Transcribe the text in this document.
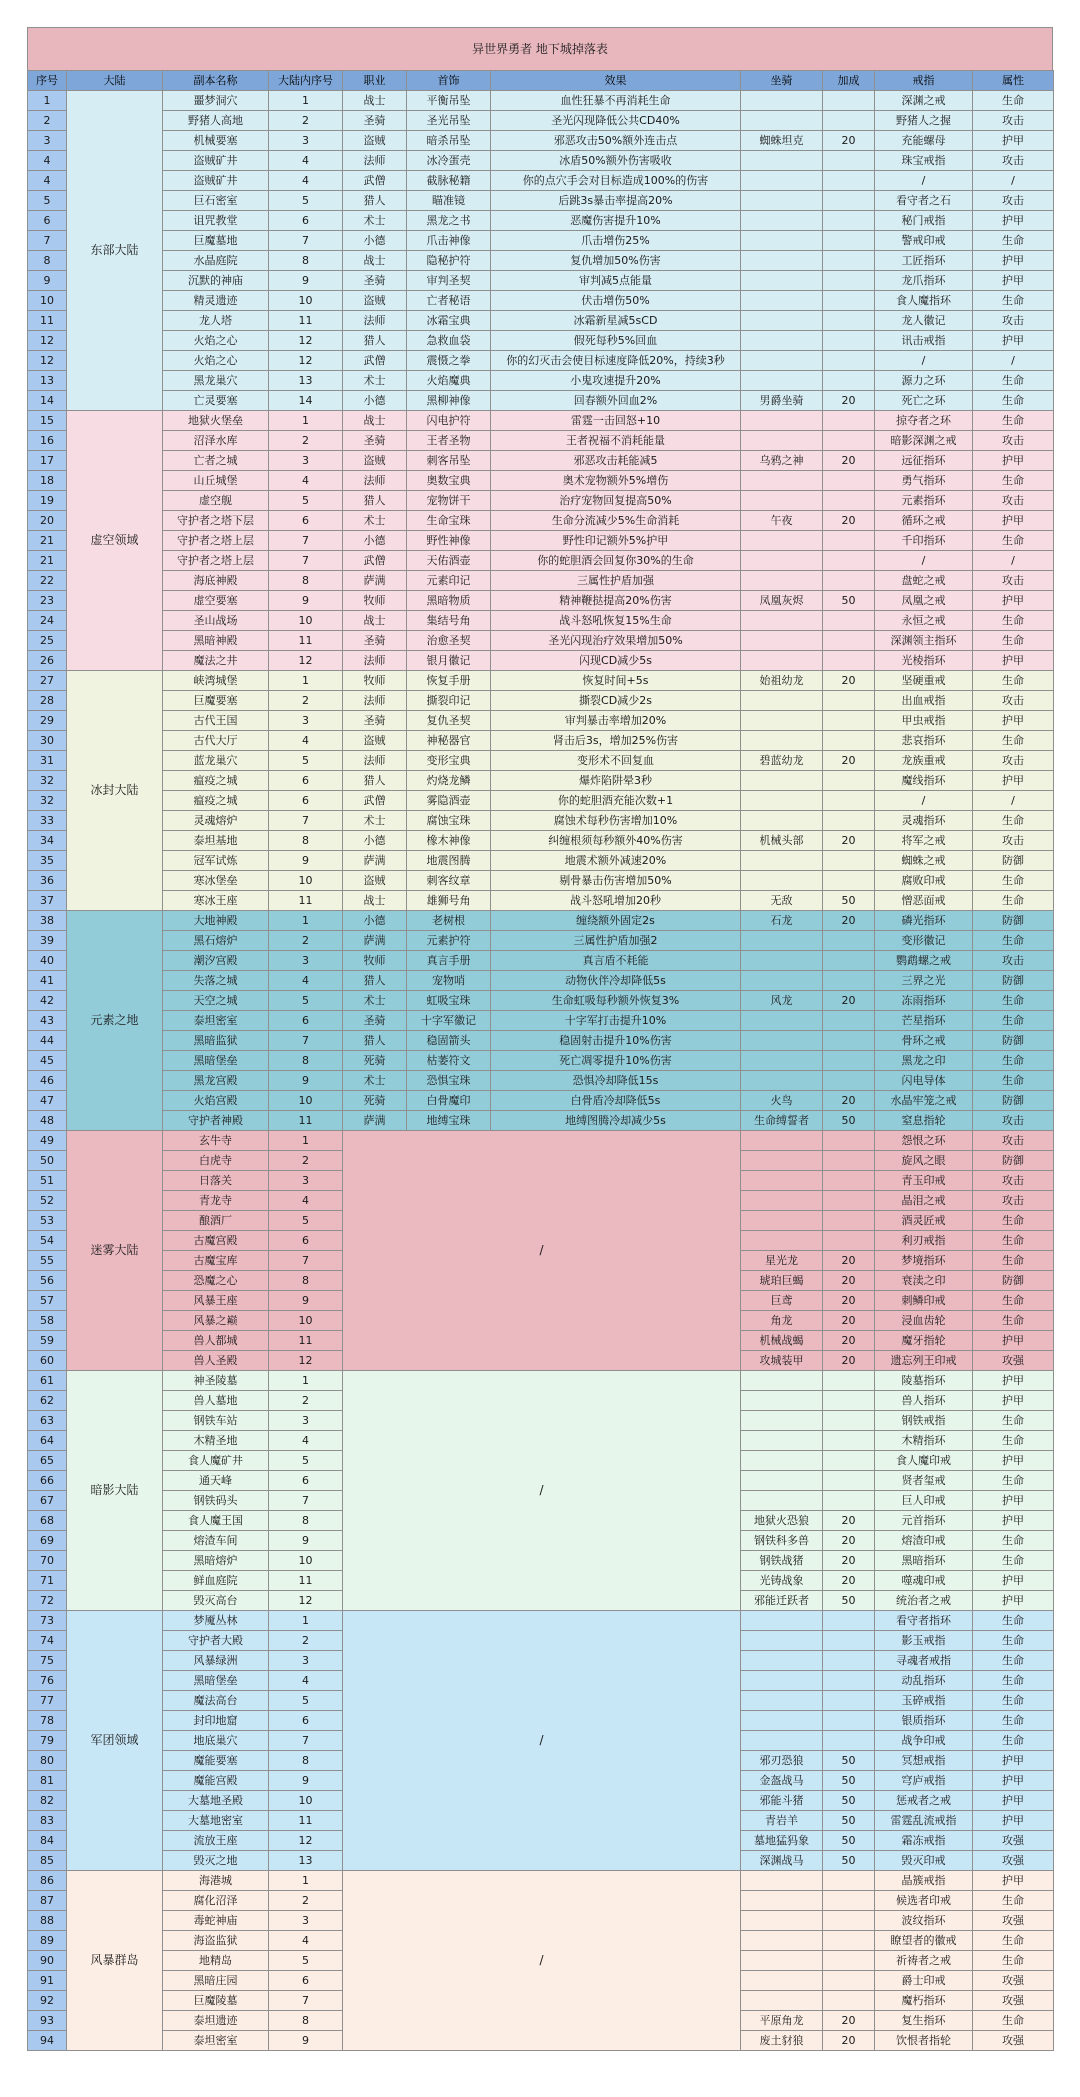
异世界勇者 地下城掉落表
序号	大陆	副本名称	大陆内序号	职业	首饰	效果	坐骑	加成	戒指	属性
1	东部大陆	噩梦洞穴	1	战士	平衡吊坠	血性狂暴不再消耗生命			深渊之戒	生命
2		野猪人高地	2	圣骑	圣光吊坠	圣光闪现降低公共CD40%			野猪人之握	攻击
3		机械要塞	3	盗贼	暗杀吊坠	邪恶攻击50%额外连击点	蜘蛛坦克	20	充能螺母	护甲
4		盗贼矿井	4	法师	冰冷蛋壳	冰盾50%额外伤害吸收			珠宝戒指	攻击
4		盗贼矿井	4	武僧	截脉秘籍	你的点穴手会对目标造成100%的伤害			/	/
5		巨石密室	5	猎人	瞄准镜	后跳3s暴击率提高20%			看守者之石	攻击
6		诅咒教堂	6	术士	黑龙之书	恶魔伤害提升10%			秘门戒指	护甲
7		巨魔墓地	7	小德	爪击神像	爪击增伤25%			警戒印戒	生命
8		水晶庭院	8	战士	隐秘护符	复仇增加50%伤害			工匠指环	护甲
9		沉默的神庙	9	圣骑	审判圣契	审判减5点能量			龙爪指环	护甲
10		精灵遗迹	10	盗贼	亡者秘语	伏击增伤50%			食人魔指环	生命
11		龙人塔	11	法师	冰霜宝典	冰霜新星减5sCD			龙人徽记	攻击
12		火焰之心	12	猎人	急救血袋	假死每秒5%回血			讯击戒指	护甲
12		火焰之心	12	武僧	震慑之拳	你的幻灭击会使目标速度降低20%，持续3秒			/	/
13		黑龙巢穴	13	术士	火焰魔典	小鬼攻速提升20%			源力之环	生命
14		亡灵要塞	14	小德	黑柳神像	回春额外回血2%	男爵坐骑	20	死亡之环	生命
15	虚空领域	地狱火堡垒	1	战士	闪电护符	雷霆一击回怒+10			掠夺者之环	生命
16		沼泽水库	2	圣骑	王者圣物	王者祝福不消耗能量			暗影深渊之戒	攻击
17		亡者之城	3	盗贼	刺客吊坠	邪恶攻击耗能减5	乌鸦之神	20	远征指环	护甲
18		山丘城堡	4	法师	奥数宝典	奥术宠物额外5%增伤			勇气指环	生命
19		虚空舰	5	猎人	宠物饼干	治疗宠物回复提高50%			元素指环	攻击
20		守护者之塔下层	6	术士	生命宝珠	生命分流减少5%生命消耗	午夜	20	循环之戒	护甲
21		守护者之塔上层	7	小德	野性神像	野性印记额外5%护甲			千印指环	生命
21		守护者之塔上层	7	武僧	天佑酒壶	你的蛇胆酒会回复你30%的生命			/	/
22		海底神殿	8	萨满	元素印记	三属性护盾加强			盘蛇之戒	攻击
23		虚空要塞	9	牧师	黑暗物质	精神鞭挞提高20%伤害	凤凰灰烬	50	凤凰之戒	护甲
24		圣山战场	10	战士	集结号角	战斗怒吼恢复15%生命			永恒之戒	生命
25		黑暗神殿	11	圣骑	治愈圣契	圣光闪现治疗效果增加50%			深渊领主指环	生命
26		魔法之井	12	法师	银月徽记	闪现CD减少5s			光棱指环	护甲
27	冰封大陆	峡湾城堡	1	牧师	恢复手册	恢复时间+5s	始祖幼龙	20	坚硬重戒	生命
28		巨魔要塞	2	法师	撕裂印记	撕裂CD减少2s			出血戒指	攻击
29		古代王国	3	圣骑	复仇圣契	审判暴击率增加20%			甲虫戒指	护甲
30		古代大厅	4	盗贼	神秘器官	肾击后3s，增加25%伤害			悲哀指环	生命
31		蓝龙巢穴	5	法师	变形宝典	变形术不回复血	碧蓝幼龙	20	龙族重戒	攻击
32		瘟疫之城	6	猎人	灼烧龙鳞	爆炸陷阱晕3秒			魔线指环	护甲
32		瘟疫之城	6	武僧	雾隐酒壶	你的蛇胆酒充能次数+1			/	/
33		灵魂熔炉	7	术士	腐蚀宝珠	腐蚀术每秒伤害增加10%			灵魂指环	生命
34		泰坦基地	8	小德	橡木神像	纠缠根须每秒额外40%伤害	机械头部	20	将军之戒	攻击
35		冠军试炼	9	萨满	地震图腾	地震术额外减速20%			蜘蛛之戒	防御
36		寒冰堡垒	10	盗贼	刺客纹章	剔骨暴击伤害增加50%			腐败印戒	生命
37		寒冰王座	11	战士	雄狮号角	战斗怒吼增加20秒	无敌	50	憎恶面戒	生命
38	元素之地	大地神殿	1	小德	老树根	缠绕额外固定2s	石龙	20	磷光指环	防御
39		黑石熔炉	2	萨满	元素护符	三属性护盾加强2			变形徽记	生命
40		潮汐宫殿	3	牧师	真言手册	真言盾不耗能			鹦鹉螺之戒	攻击
41		失落之城	4	猎人	宠物哨	动物伙伴冷却降低5s			三界之光	防御
42		天空之城	5	术士	虹吸宝珠	生命虹吸每秒额外恢复3%	风龙	20	冻雨指环	生命
43		泰坦密室	6	圣骑	十字军徽记	十字军打击提升10%			芒星指环	生命
44		黑暗监狱	7	猎人	稳固箭头	稳固射击提升10%伤害			骨环之戒	防御
45		黑暗堡垒	8	死骑	枯萎符文	死亡凋零提升10%伤害			黑龙之印	生命
46		黑龙宫殿	9	术士	恐惧宝珠	恐惧冷却降低15s			闪电导体	生命
47		火焰宫殿	10	死骑	白骨魔印	白骨盾冷却降低5s	火鸟	20	水晶牢笼之戒	防御
48		守护者神殿	11	萨满	地缚宝珠	地缚图腾冷却减少5s	生命缚誓者	50	窒息指轮	攻击
49	迷雾大陆	玄牛寺	1	/					怨恨之环	攻击
50		白虎寺	2						旋风之眼	防御
51		日落关	3						青玉印戒	攻击
52		青龙寺	4						晶泪之戒	攻击
53		酿酒厂	5						酒灵匠戒	生命
54		古魔宫殿	6						利刃戒指	生命
55		古魔宝库	7				星光龙	20	梦境指环	生命
56		恐魔之心	8				琥珀巨蝎	20	衰渎之印	防御
57		风暴王座	9				巨鸢	20	刺鳞印戒	生命
58		风暴之巅	10				角龙	20	浸血齿轮	生命
59		兽人都城	11				机械战蝎	20	魔牙指轮	护甲
60		兽人圣殿	12				攻城装甲	20	遗忘列王印戒	攻强
61	暗影大陆	神圣陵墓	1	/					陵墓指环	护甲
62		兽人墓地	2						兽人指环	护甲
63		钢铁车站	3						钢铁戒指	生命
64		木精圣地	4						木精指环	生命
65		食人魔矿井	5						食人魔印戒	护甲
66		通天峰	6						贤者玺戒	生命
67		钢铁码头	7						巨人印戒	护甲
68		食人魔王国	8				地狱火恐狼	20	元首指环	护甲
69		熔渣车间	9				钢铁科多兽	20	熔渣印戒	生命
70		黑暗熔炉	10				钢铁战猪	20	黑暗指环	生命
71		鲜血庭院	11				光铸战象	20	噬魂印戒	护甲
72		毁灭高台	12				邪能迁跃者	50	统治者之戒	护甲
73	军团领域	梦魇丛林	1	/					看守者指环	生命
74		守护者大殿	2						影玉戒指	生命
75		风暴绿洲	3						寻魂者戒指	生命
76		黑暗堡垒	4						动乱指环	生命
77		魔法高台	5						玉碎戒指	生命
78		封印地窟	6						银质指环	生命
79		地底巢穴	7						战争印戒	生命
80		魔能要塞	8				邪刃恐狼	50	冥想戒指	护甲
81		魔能宫殿	9				金盔战马	50	穹庐戒指	护甲
82		大墓地圣殿	10				邪能斗猪	50	惩戒者之戒	护甲
83		大墓地密室	11				青岩羊	50	雷霆乱流戒指	护甲
84		流放王座	12				墓地猛犸象	50	霜冻戒指	攻强
85		毁灭之地	13				深渊战马	50	毁灭印戒	攻强
86	风暴群岛	海港城	1	/					晶簇戒指	护甲
87		腐化沼泽	2						候选者印戒	生命
88		毒蛇神庙	3						波纹指环	攻强
89		海盗监狱	4						瞭望者的徽戒	生命
90		地精岛	5						祈祷者之戒	生命
91		黑暗庄园	6						爵士印戒	攻强
92		巨魔陵墓	7						魔朽指环	攻强
93		泰坦遗迹	8				平原角龙	20	复生指环	生命
94		泰坦密室	9				废土豺狼	20	饮恨者指轮	攻强
